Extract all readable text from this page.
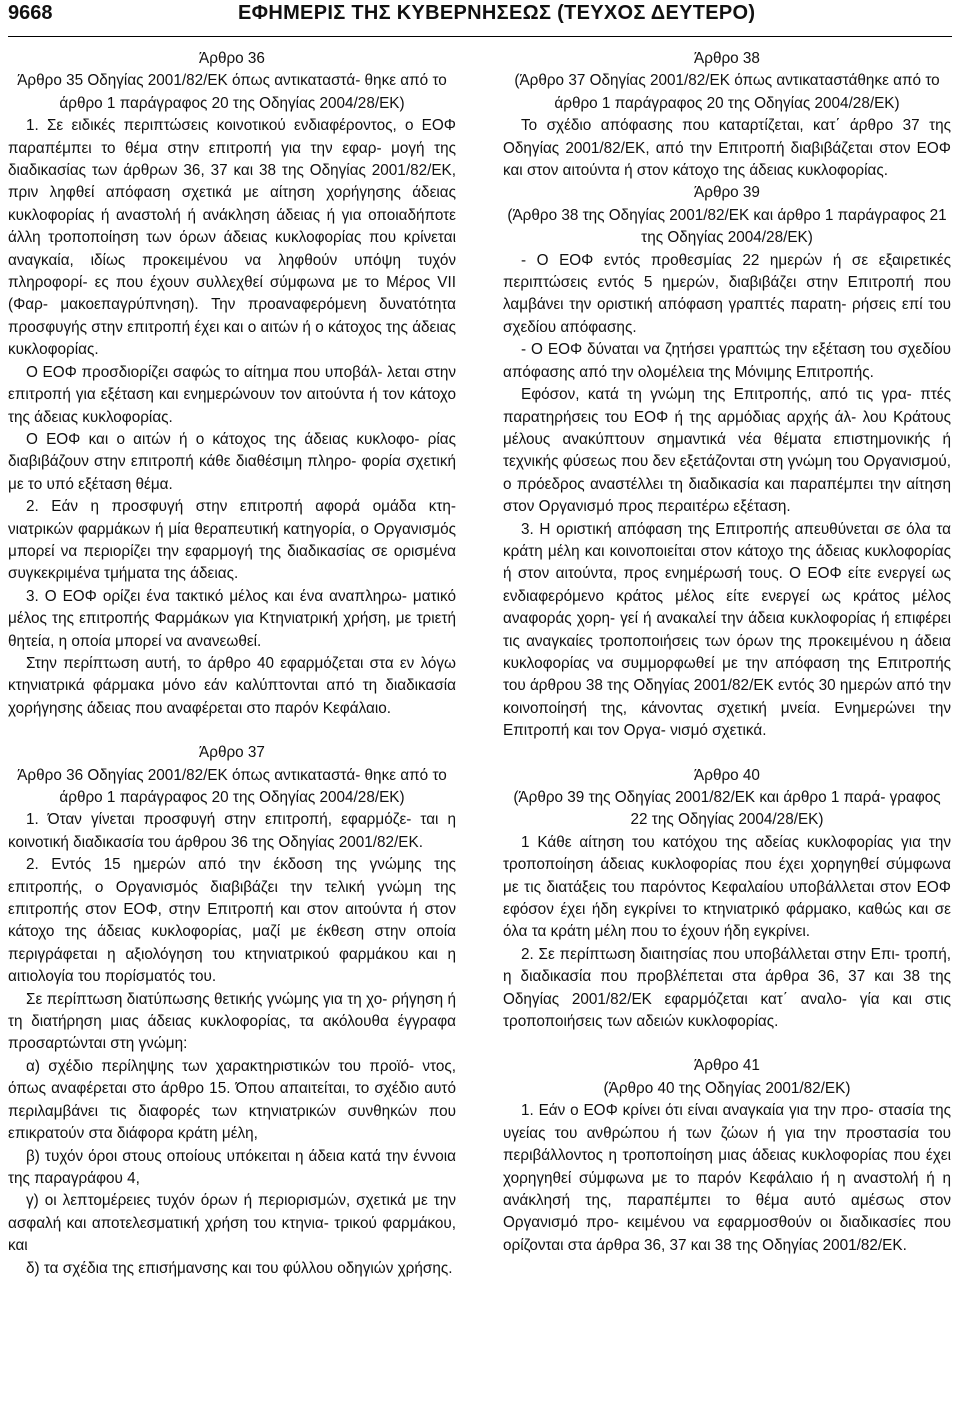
9668	ΕΦΗΜΕΡΙΣ ΤΗΣ ΚΥΒΕΡΝΗΣΕΩΣ (ΤΕΥΧΟΣ ΔΕΥΤΕΡΟ)

Άρθρο 36

Άρθρο 35 Οδηγίας 2001/82/ΕΚ όπως αντικαταστά- θηκε από το άρθρο 1 παράγραφος 20 της Οδηγίας 2004/28/ΕΚ)

1. Σε ειδικές περιπτώσεις κοινοτικού ενδιαφέροντος, ο ΕΟΦ παραπέμπει το θέμα στην επιτροπή για την εφαρ- μογή της διαδικασίας των άρθρων 36, 37 και 38 της Οδηγίας 2001/82/ΕΚ, πριν ληφθεί απόφαση σχετικά με αίτηση χορήγησης άδειας κυκλοφορίας ή αναστολή ή ανάκληση άδειας ή για οποιαδήποτε άλλη τροποποίηση των όρων άδειας κυκλοφορίας που κρίνεται αναγκαία, ιδίως προκειμένου να ληφθούν υπόψη τυχόν πληροφορί- ες που έχουν συλλεχθεί σύμφωνα με το Μέρος VII (Φαρ- μακοεπαγρύπνηση). Την προαναφερόμενη δυνατότητα προσφυγής στην επιτροπή έχει και ο αιτών ή ο κάτοχος της άδειας κυκλοφορίας.

Ο ΕΟΦ προσδιορίζει σαφώς το αίτημα που υποβάλ- λεται στην επιτροπή για εξέταση και ενημερώνουν τον αιτούντα ή τον κάτοχο της άδειας κυκλοφορίας.

Ο ΕΟΦ και ο αιτών ή ο κάτοχος της άδειας κυκλοφο- ρίας διαβιβάζουν στην επιτροπή κάθε διαθέσιμη πληρο- φορία σχετική με το υπό εξέταση θέμα.

2. Εάν η προσφυγή στην επιτροπή αφορά ομάδα κτη- νιατρικών φαρμάκων ή μία θεραπευτική κατηγορία, ο Οργανισμός μπορεί να περιορίζει την εφαρμογή της διαδικασίας σε ορισμένα συγκεκριμένα τμήματα της άδειας.

3. Ο ΕΟΦ ορίζει ένα τακτικό μέλος και ένα αναπληρω- ματικό μέλος της επιτροπής Φαρμάκων για Κτηνιατρική χρήση, με τριετή θητεία, η οποία μπορεί να ανανεωθεί.

Στην περίπτωση αυτή, το άρθρο 40 εφαρμόζεται στα εν λόγω κτηνιατρικά φάρμακα μόνο εάν καλύπτονται από τη διαδικασία χορήγησης άδειας που αναφέρεται στο παρόν Κεφάλαιο.

Άρθρο 37

Άρθρο 36 Οδηγίας 2001/82/ΕΚ όπως αντικαταστά- θηκε από το άρθρο 1 παράγραφος 20 της Οδηγίας 2004/28/ΕΚ)

1. Όταν γίνεται προσφυγή στην επιτροπή, εφαρμόζε- ται η κοινοτική διαδικασία του άρθρου 36 της Οδηγίας 2001/82/ΕΚ.

2. Εντός 15 ημερών από την έκδοση της γνώμης της επιτροπής, ο Οργανισμός διαβιβάζει την τελική γνώμη της επιτροπής στον ΕΟΦ, στην Επιτροπή και στον αιτούντα ή στον κάτοχο της άδειας κυκλοφορίας, μαζί με έκθεση στην οποία περιγράφεται η αξιολόγηση του κτηνιατρικού φαρμάκου και η αιτιολογία του πορίσματός του.

Σε περίπτωση διατύπωσης θετικής γνώμης για τη χο- ρήγηση ή τη διατήρηση μιας άδειας κυκλοφορίας, τα ακόλουθα έγγραφα προσαρτώνται στη γνώμη:

α) σχέδιο περίληψης των χαρακτηριστικών του προϊό- ντος, όπως αναφέρεται στο άρθρο 15. Όπου απαιτείται, το σχέδιο αυτό περιλαμβάνει τις διαφορές των κτηνιατρικών συνθηκών που επικρατούν στα διάφορα κράτη μέλη,

β) τυχόν όροι στους οποίους υπόκειται η άδεια κατά την έννοια της παραγράφου 4,

γ) οι λεπτομέρειες τυχόν όρων ή περιορισμών, σχετικά με την ασφαλή και αποτελεσματική χρήση του κτηνια- τρικού φαρμάκου, και

δ) τα σχέδια της επισήμανσης και του φύλλου οδηγιών χρήσης.

Άρθρο 38

(Άρθρο 37 Οδηγίας 2001/82/ΕΚ όπως αντικαταστάθηκε από το άρθρο 1 παράγραφος 20 της Οδηγίας 2004/28/ΕΚ)

Το σχέδιο απόφασης που καταρτίζεται, κατ΄ άρθρο 37 της Οδηγίας 2001/82/ΕΚ, από την Επιτροπή διαβιβάζεται στον ΕΟΦ και στον αιτούντα ή στον κάτοχο της άδειας κυκλοφορίας.

Άρθρο 39

(Άρθρο 38 της Οδηγίας 2001/82/ΕΚ και άρθρο 1 παράγραφος 21 της Οδηγίας 2004/28/ΕΚ)

- Ο ΕΟΦ εντός προθεσμίας 22 ημερών ή σε εξαιρετικές περιπτώσεις εντός 5 ημερών, διαβιβάζει στην Επιτροπή που λαμβάνει την οριστική απόφαση γραπτές παρατη- ρήσεις επί του σχεδίου απόφασης.

- Ο ΕΟΦ δύναται να ζητήσει γραπτώς την εξέταση του σχεδίου απόφασης από την ολομέλεια της Μόνιμης Επιτροπής.

Εφόσον, κατά τη γνώμη της Επιτροπής, από τις γρα- πτές παρατηρήσεις του ΕΟΦ ή της αρμόδιας αρχής άλ- λου Κράτους μέλους ανακύπτουν σημαντικά νέα θέματα επιστημονικής ή τεχνικής φύσεως που δεν εξετάζονται στη γνώμη του Οργανισμού, ο πρόεδρος αναστέλλει τη διαδικασία και παραπέμπει την αίτηση στον Οργανισμό προς περαιτέρω εξέταση.

3. Η οριστική απόφαση της Επιτροπής απευθύνεται σε όλα τα κράτη μέλη και κοινοποιείται στον κάτοχο της άδειας κυκλοφορίας ή στον αιτούντα, προς ενημέρωσή τους. Ο ΕΟΦ είτε ενεργεί ως ενδιαφερόμενο κράτος μέλος είτε ενεργεί ως κράτος μέλος αναφοράς χορη- γεί ή ανακαλεί την άδεια κυκλοφορίας ή επιφέρει τις αναγκαίες τροποποιήσεις των όρων της προκειμένου η άδεια κυκλοφορίας να συμμορφωθεί με την απόφαση της Επιτροπής του άρθρου 38 της Οδηγίας 2001/82/ΕΚ εντός 30 ημερών από την κοινοποίησή της, κάνοντας σχετική μνεία. Ενημερώνει την Επιτροπή και τον Οργα- νισμό σχετικά.

Άρθρο 40

(Άρθρο 39 της Οδηγίας 2001/82/ΕΚ και άρθρο 1 παρά- γραφος 22 της Οδηγίας 2004/28/ΕΚ)

1 Κάθε αίτηση του κατόχου της αδείας κυκλοφορίας για την τροποποίηση άδειας κυκλοφορίας που έχει χορηγηθεί σύμφωνα με τις διατάξεις του παρόντος Κεφαλαίου υποβάλλεται στον ΕΟΦ εφόσον έχει ήδη εγκρίνει το κτηνιατρικό φάρμακο, καθώς και σε όλα τα κράτη μέλη που το έχουν ήδη εγκρίνει.

2. Σε περίπτωση διαιτησίας που υποβάλλεται στην Επι- τροπή, η διαδικασία που προβλέπεται στα άρθρα 36, 37 και 38 της Οδηγίας 2001/82/ΕΚ εφαρμόζεται κατ΄ αναλο- γία και στις τροποποιήσεις των αδειών κυκλοφορίας.

Άρθρο 41

(Άρθρο 40 της Οδηγίας 2001/82/ΕΚ)

1. Εάν ο ΕΟΦ κρίνει ότι είναι αναγκαία για την προ- στασία της υγείας του ανθρώπου ή των ζώων ή για την προστασία του περιβάλλοντος η τροποποίηση μιας άδειας κυκλοφορίας που έχει χορηγηθεί σύμφωνα με το παρόν Κεφάλαιο ή η αναστολή ή η ανάκλησή της, παραπέμπει το θέμα αυτό αμέσως στον Οργανισμό προ- κειμένου να εφαρμοσθούν οι διαδικασίες που ορίζονται στα άρθρα 36, 37 και 38 της Οδηγίας 2001/82/ΕΚ.
